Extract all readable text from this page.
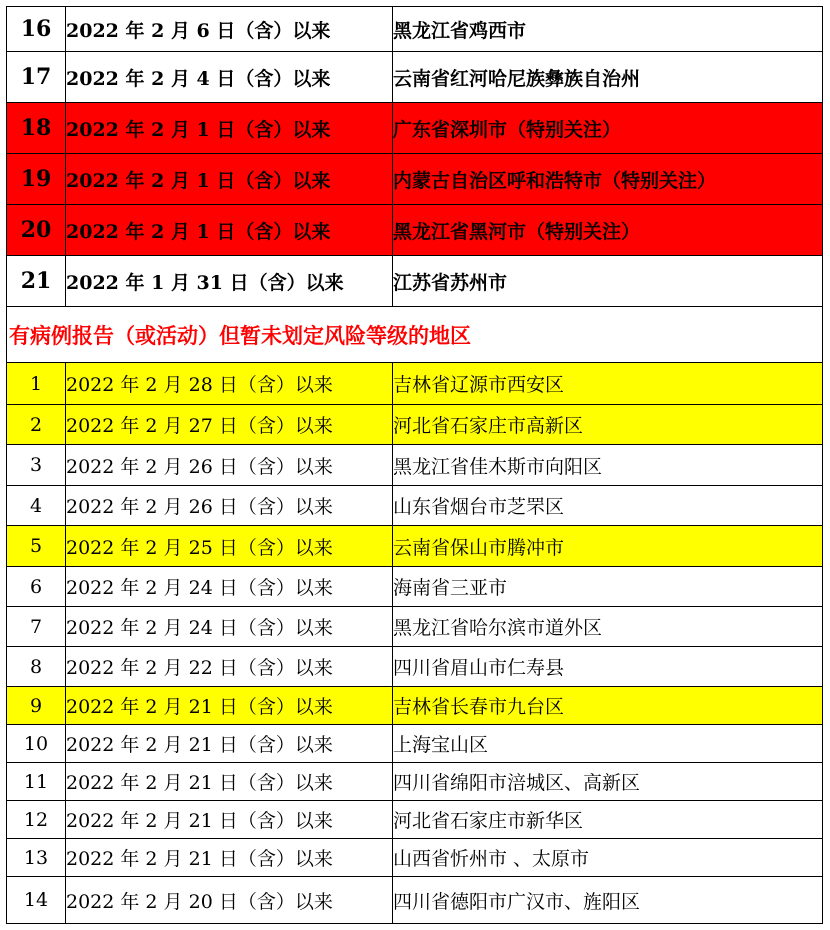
16 2022 年 2 月 6 日（含）以来	黑龙江省鸡西市
17 2022 年 2 月 4 日（含）以来	云南省红河哈尼族彝族自治州
18 2022 年 2 月 1 日（含）以来	广东省深圳市（特别关注）
19 2022 年 2 月 1 日（含）以来	内蒙古自治区呼和浩特市（特别关注）
20 2022 年 2 月 1 日（含）以来	黑龙江省黑河市（特别关注）
21 2022 年 1 月 31 日（含）以来	江苏省苏州市
有病例报告（或活动）但暂未划定风险等级的地区
1	2022 年 2 月 28 日（含）以来	吉林省辽源市西安区
2	2022 年 2 月 27 日（含）以来	河北省石家庄市高新区
3	2022 年 2 月 26 日（含）以来	黑龙江省佳木斯市向阳区
4	2022 年 2 月 26 日（含）以来	山东省烟台市芝罘区
5	2022 年 2 月 25 日（含）以来	云南省保山市腾冲市
6	2022 年 2 月 24 日（含）以来	海南省三亚市
7	2022 年 2 月 24 日（含）以来	黑龙江省哈尔滨市道外区
8	2022 年 2 月 22 日（含）以来	四川省眉山市仁寿县
9	2022 年 2 月 21 日（含）以来	吉林省长春市九台区
10 2022 年 2 月 21 日（含）以来	上海宝山区
11 2022 年 2 月 21 日（含）以来	四川省绵阳市涪城区、高新区
12 2022 年 2 月 21 日（含）以来	河北省石家庄市新华区
13 2022 年 2 月 21 日（含）以来	山西省忻州市 、太原市
14 2022 年 2 月 20 日（含）以来	四川省德阳市广汉市、旌阳区
